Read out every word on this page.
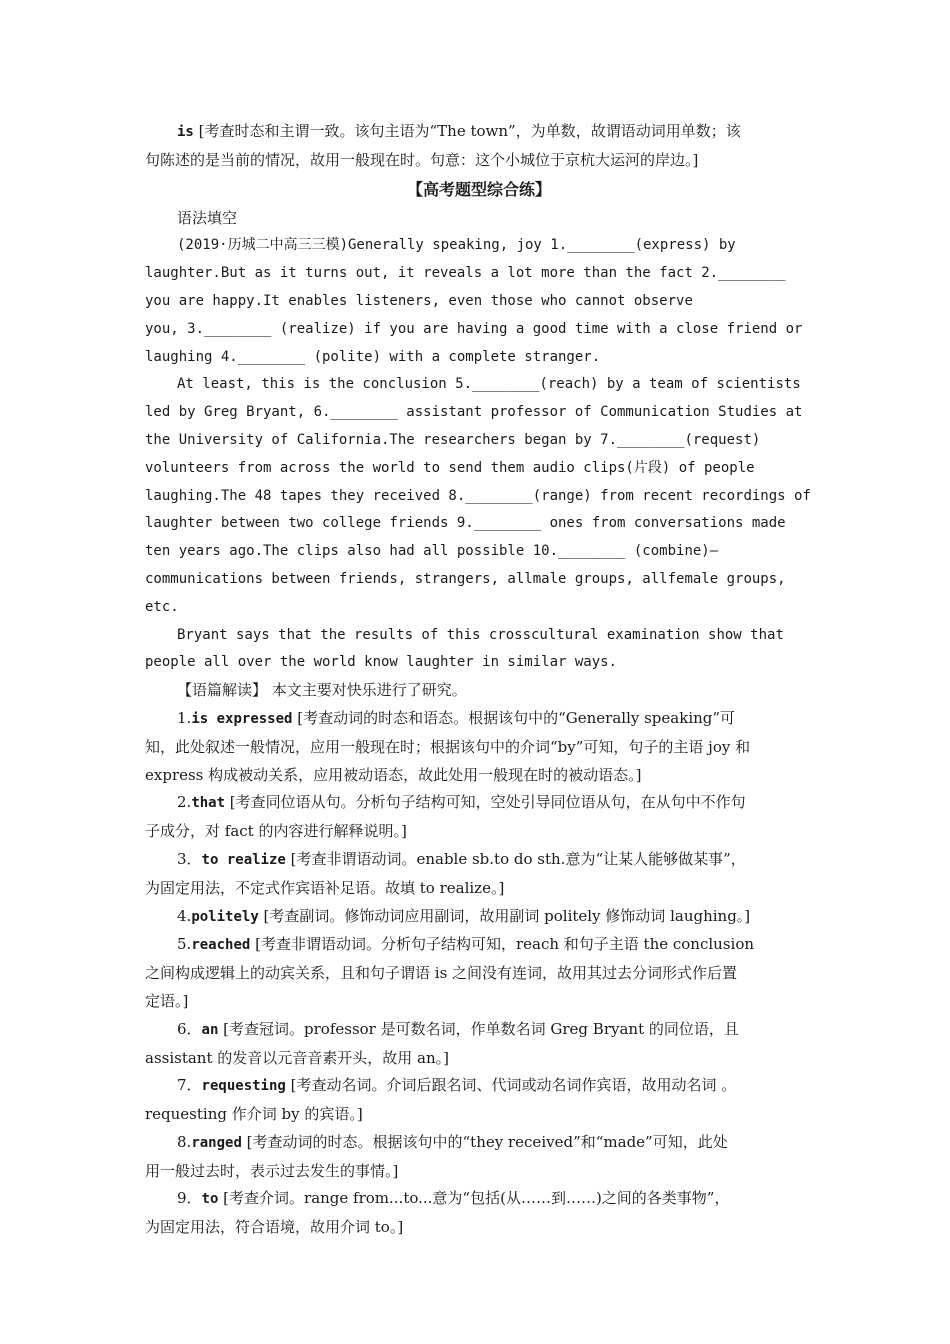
is [考查时态和主谓一致。该句主语为“The town”，为单数，故谓语动词用单数；该

句陈述的是当前的情况，故用一般现在时。句意：这个小城位于京杭大运河的岸边。]

【高考题型综合练】

语法填空

(2019·历城二中高三三模)Generally speaking, joy 1.________(express) by

laughter.But as it turns out, it reveals a lot more than the fact 2.________

you are happy.It enables listeners, even those who cannot observe

you, 3.________ (realize) if you are having a good time with a close friend or

laughing 4.________ (polite) with a complete stranger.

At least, this is the conclusion 5.________(reach) by a team of scientists

led by Greg Bryant, 6.________ assistant professor of Communication Studies at

the University of California.The researchers began by 7.________(request)

volunteers from across the world to send them audio clips(片段) of people

laughing.The 48 tapes they received 8.________(range) from recent recordings of

laughter between two college friends 9.________ ones from conversations made

ten years ago.The clips also had all possible 10.________ (combine)—

communications between friends, strangers, allmale groups, allfemale groups, etc.

Bryant says that the results of this crosscultural examination show that

people all over the world know laughter in similar ways.

【语篇解读】 本文主要对快乐进行了研究。

1.is expressed [考查动词的时态和语态。根据该句中的“Generally speaking”可

知，此处叙述一般情况，应用一般现在时；根据该句中的介词“by”可知，句子的主语 joy 和

express 构成被动关系，应用被动语态，故此处用一般现在时的被动语态。]

2.that [考查同位语从句。分析句子结构可知，空处引导同位语从句，在从句中不作句

子成分，对 fact 的内容进行解释说明。]

3．to realize [考查非谓语动词。enable sb.to do sth.意为“让某人能够做某事”，

为固定用法，不定式作宾语补足语。故填 to realize。]

4.politely [考查副词。修饰动词应用副词，故用副词 politely 修饰动词 laughing。]

5.reached [考查非谓语动词。分析句子结构可知，reach 和句子主语 the conclusion

之间构成逻辑上的动宾关系，且和句子谓语 is 之间没有连词，故用其过去分词形式作后置

定语。]

6．an [考查冠词。professor 是可数名词，作单数名词 Greg Bryant 的同位语，且

assistant 的发音以元音音素开头，故用 an。]

7．requesting [考查动名词。介词后跟名词、代词或动名词作宾语，故用动名词 。

requesting 作介词 by 的宾语。]

8.ranged [考查动词的时态。根据该句中的“they received”和“made”可知，此处

用一般过去时，表示过去发生的事情。]

9．to [考查介词。range from...to...意为“包括(从……到……)之间的各类事物”，

为固定用法，符合语境，故用介词 to。]
